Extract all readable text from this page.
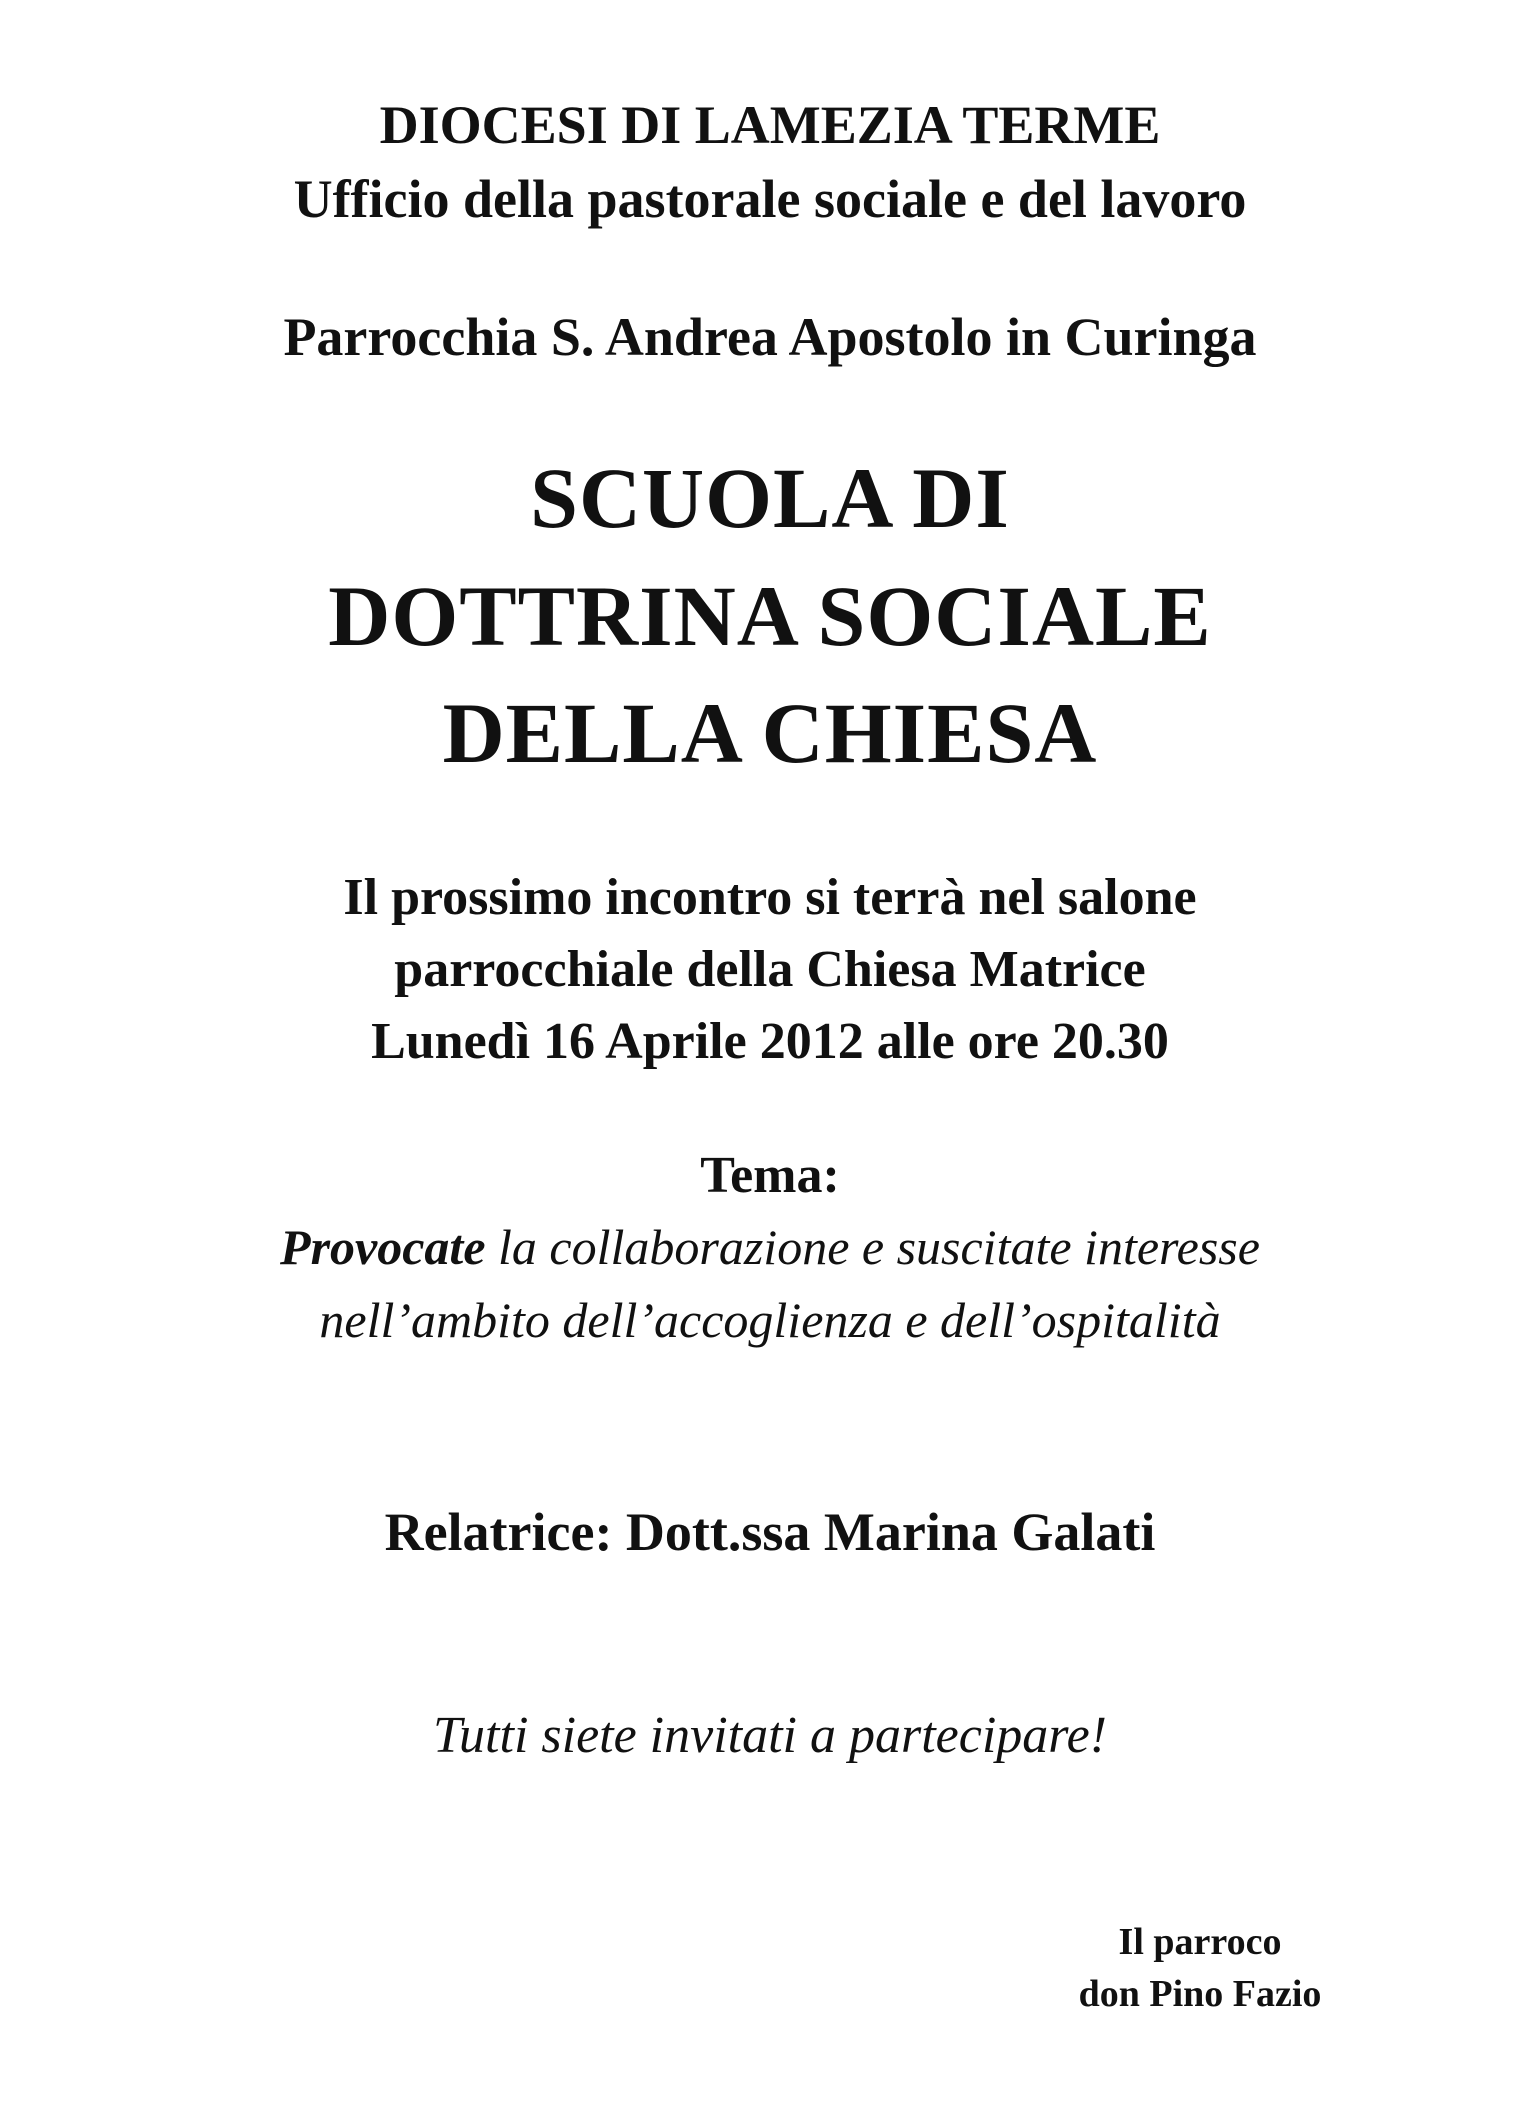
DIOCESI DI LAMEZIA TERME
Ufficio della pastorale sociale e del lavoro
Parrocchia S. Andrea Apostolo in Curinga
SCUOLA DI
DOTTRINA SOCIALE
DELLA CHIESA
Il prossimo incontro si terrà nel salone
parrocchiale della Chiesa Matrice
Lunedì 16 Aprile 2012 alle ore 20.30
Tema:
Provocate la collaborazione e suscitate interesse
nell’ambito dell’accoglienza e dell’ospitalità
Relatrice: Dott.ssa Marina Galati
Tutti siete invitati a partecipare!
Il parroco
don Pino Fazio
